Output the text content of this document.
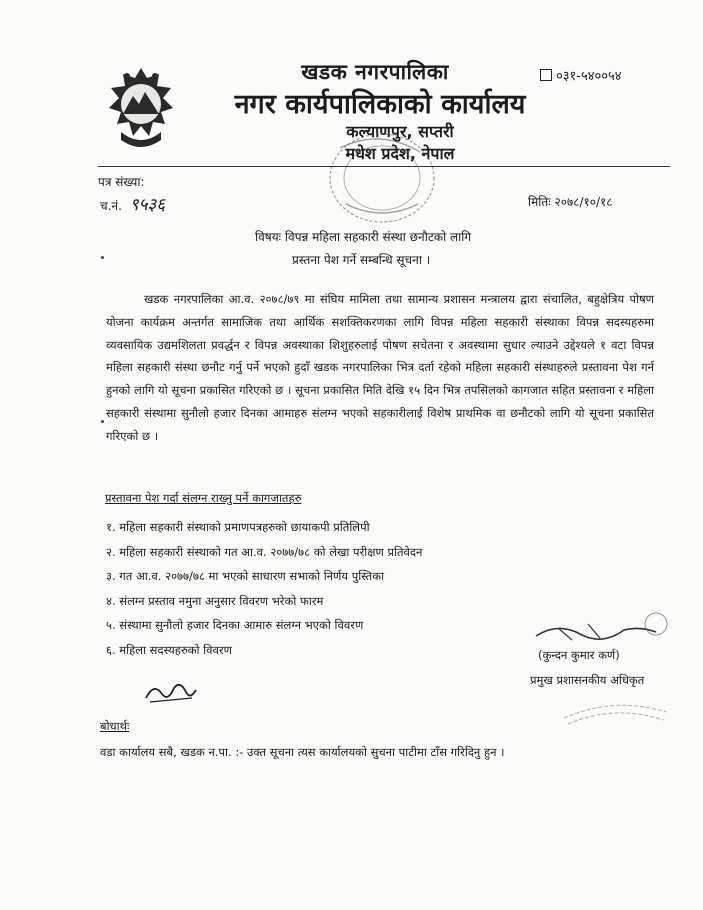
खडक नगरपालिका
नगर कार्यपालिकाको कार्यालय
कल्याणपुर, सप्तरी
मधेश प्रदेश, नेपाल
०३१-५४००५४
पत्र संख्या:
च.नं. ९५३६	मितिः २०७८/१०/१८
विषयः विपन्न महिला सहकारी संस्था छनौटको लागि
प्रस्तना पेश गर्ने सम्बन्धि सूचना ।
खडक नगरपालिका आ.व. २०७८/७९ मा संघिय मामिला तथा सामान्य प्रशासन मन्त्रालय द्वारा संचालित, बहुक्षेत्रिय पोषण योजना कार्यक्रम अन्तर्गत सामाजिक तथा आर्थिक सशक्तिकरणका लागि विपन्न महिला सहकारी संस्थाका विपन्न सदस्यहरुमा व्यवसायिक उद्यमशिलता प्रवर्द्धन र विपन्न अवस्थाका शिशुहरुलाई पोषण सचेतना र अवस्थामा सुधार ल्याउने उद्देश्यले १ वटा विपन्न महिला सहकारी संस्था छनौट गर्नु पर्ने भएको हुदाँ खडक नगरपालिका भित्र दर्ता रहेको महिला सहकारी संस्थाहरुले प्रस्तावना पेश गर्न हुनको लागि यो सूचना प्रकासित गरिएको छ । सूचना प्रकासित मिति देखि १५ दिन भित्र तपसिलको कागजात सहित प्रस्तावना र महिला सहकारी संस्थामा सुनौलो हजार दिनका आमाहरु संलग्न भएको सहकारीलाई विशेष प्राथमिक वा छनौटको लागि यो सूचना प्रकासित गरिएको छ ।
प्रस्तावना पेश गर्दा संलग्न राख्नु पर्ने कागजातहरु
१. महिला सहकारी संस्थाको प्रमाणपत्रहरुको छायाकपी प्रतिलिपी
२. महिला सहकारी संस्थाको गत आ.व. २०७७/७८ को लेखा परीक्षण प्रतिवेदन
३. गत आ.व. २०७७/७८ मा भएको साधारण सभाको निर्णय पुस्तिका
४. संलग्न प्रस्ताव नमुना अनुसार विवरण भरेको फारम
५. संस्थामा सुनौलो हजार दिनका आमारु संलग्न भएको विवरण
६. महिला सदस्यहरुको विवरण	(कुन्दन कुमार कर्ण)
प्रमुख प्रशासनकीय अधिकृत
बोधार्थः
वडा कार्यालय सबै, खडक न.पा. :- उक्त सूचना त्यस कार्यालयको सुचना पाटीमा टाँस गरिदिनु हुन ।
